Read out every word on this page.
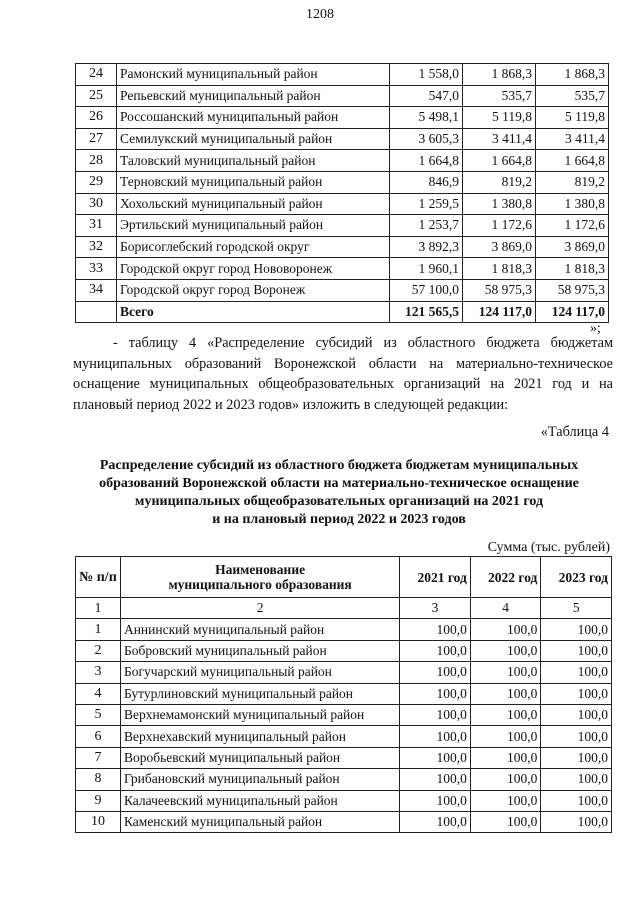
1208
24	Рамонский муниципальный район	1 558,0	1 868,3	1 868,3
25	Репьевский муниципальный район	547,0	535,7	535,7
26	Россошанский муниципальный район	5 498,1	5 119,8	5 119,8
27	Семилукский муниципальный район	3 605,3	3 411,4	3 411,4
28	Таловский муниципальный район	1 664,8	1 664,8	1 664,8
29	Терновский муниципальный район	846,9	819,2	819,2
30	Хохольский муниципальный район	1 259,5	1 380,8	1 380,8
31	Эртильский муниципальный район	1 253,7	1 172,6	1 172,6
32	Борисоглебский городской округ	3 892,3	3 869,0	3 869,0
33	Городской округ город Нововоронеж	1 960,1	1 818,3	1 818,3
34	Городской округ город Воронеж	57 100,0	58 975,3	58 975,3
	Всего	121 565,5	124 117,0	124 117,0
»;
- таблицу 4 «Распределение субсидий из областного бюджета бюджетам муниципальных образований Воронежской области на материально-техническое оснащение муниципальных общеобразовательных организаций на 2021 год и на плановый период 2022 и 2023 годов» изложить в следующей редакции:
«Таблица 4
Распределение субсидий из областного бюджета бюджетам муниципальных
образований Воронежской области на материально-техническое оснащение
муниципальных общеобразовательных организаций на 2021 год
и на плановый период 2022 и 2023 годов
Сумма (тыс. рублей)
№ п/п	Наименование
муниципального образования	2021 год	2022 год	2023 год
1	2	3	4	5
1	Аннинский муниципальный район	100,0	100,0	100,0
2	Бобровский муниципальный район	100,0	100,0	100,0
3	Богучарский муниципальный район	100,0	100,0	100,0
4	Бутурлиновский муниципальный район	100,0	100,0	100,0
5	Верхнемамонский муниципальный район	100,0	100,0	100,0
6	Верхнехавский муниципальный район	100,0	100,0	100,0
7	Воробьевский муниципальный район	100,0	100,0	100,0
8	Грибановский муниципальный район	100,0	100,0	100,0
9	Калачеевский муниципальный район	100,0	100,0	100,0
10	Каменский муниципальный район	100,0	100,0	100,0
